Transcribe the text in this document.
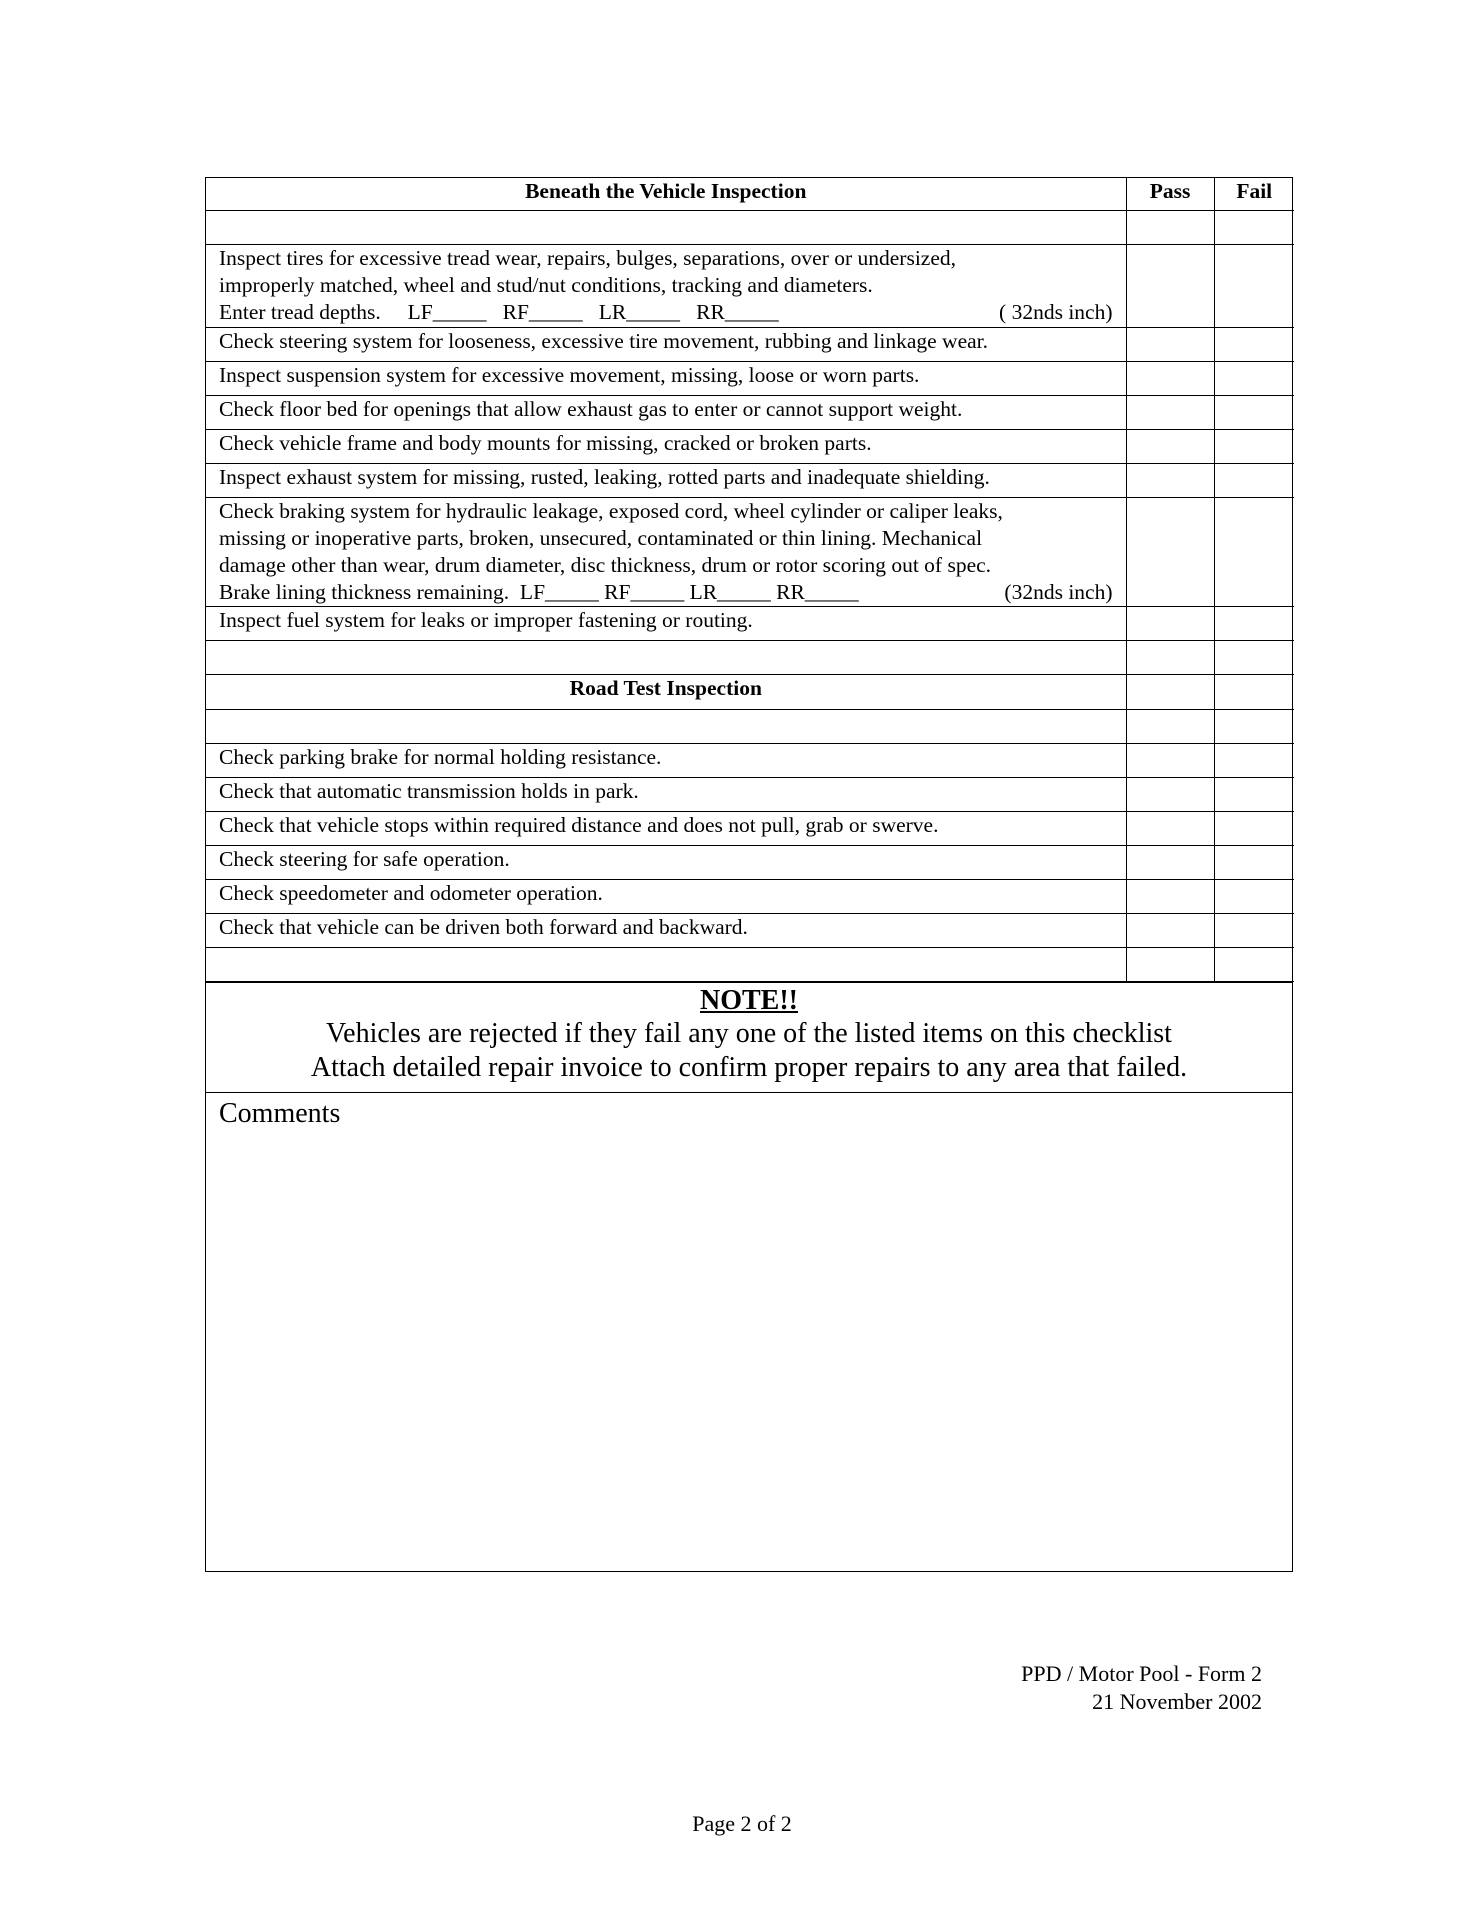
Beneath the Vehicle Inspection	Pass	Fail

Inspect tires for excessive tread wear, repairs, bulges, separations, over or undersized,
improperly matched, wheel and stud/nut conditions, tracking and diameters.
Enter tread depths.     LF_____   RF_____   LR_____   RR_____ ( 32nds inch)		

Check steering system for looseness, excessive tire movement, rubbing and linkage wear.		
Inspect suspension system for excessive movement, missing, loose or worn parts.		
Check floor bed for openings that allow exhaust gas to enter or cannot support weight.		
Check vehicle frame and body mounts for missing, cracked or broken parts.		
Inspect exhaust system for missing, rusted, leaking, rotted parts and inadequate shielding.		

Check braking system for hydraulic leakage, exposed cord, wheel cylinder or caliper leaks,
missing or inoperative parts, broken, unsecured, contaminated or thin lining. Mechanical
damage other than wear, drum diameter, disc thickness, drum or rotor scoring out of spec.
Brake lining thickness remaining.  LF_____ RF_____ LR_____ RR_____ (32nds inch)		

Inspect fuel system for leaks or improper fastening or routing.		

Road Test Inspection		

Check parking brake for normal holding resistance.		
Check that automatic transmission holds in park.		
Check that vehicle stops within required distance and does not pull, grab or swerve.		
Check steering for safe operation.		
Check speedometer and odometer operation.		
Check that vehicle can be driven both forward and backward.		

NOTE!!
Vehicles are rejected if they fail any one of the listed items on this checklist
Attach detailed repair invoice to confirm proper repairs to any area that failed.
Comments
PPD / Motor Pool - Form 2
21 November 2002
Page 2 of 2
